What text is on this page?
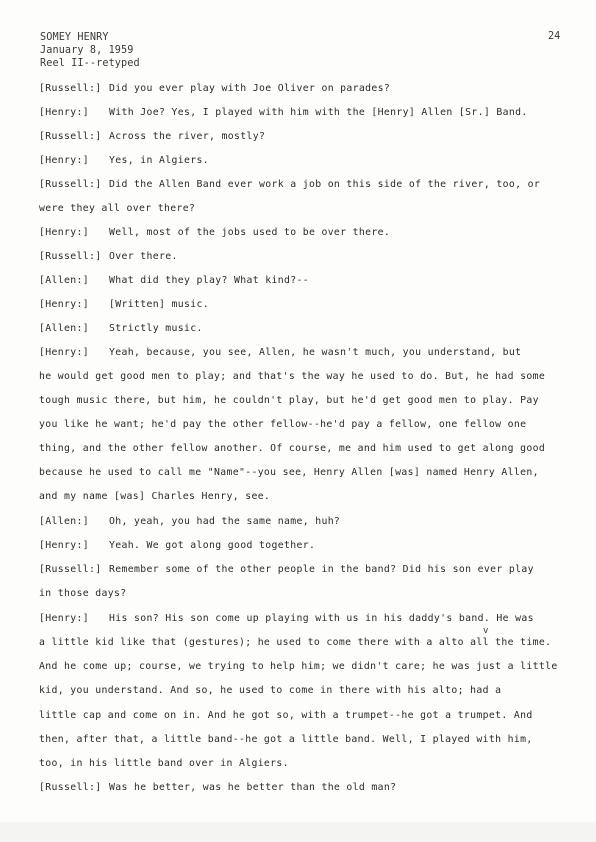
SOMEY HENRY
January 8, 1959
Reel II--retyped
24
[Russell:] Did you ever play with Joe Oliver on parades?
[Henry:] With Joe? Yes, I played with him with the [Henry] Allen [Sr.] Band.
[Russell:] Across the river, mostly?
[Henry:] Yes, in Algiers.
[Russell:] Did the Allen Band ever work a job on this side of the river, too, or
were they all over there?
[Henry:] Well, most of the jobs used to be over there.
[Russell:] Over there.
[Allen:] What did they play? What kind?--
[Henry:] [Written] music.
[Allen:] Strictly music.
[Henry:] Yeah, because, you see, Allen, he wasn't much, you understand, but
he would get good men to play; and that's the way he used to do. But, he had some
tough music there, but him, he couldn't play, but he'd get good men to play. Pay
you like he want; he'd pay the other fellow--he'd pay a fellow, one fellow one
thing, and the other fellow another. Of course, me and him used to get along good
because he used to call me "Name"--you see, Henry Allen [was] named Henry Allen,
and my name [was] Charles Henry, see.
[Allen:] Oh, yeah, you had the same name, huh?
[Henry:] Yeah. We got along good together.
[Russell:] Remember some of the other people in the band? Did his son ever play
in those days?
[Henry:] His son? His son come up playing with us in his daddy's band. He was
a little kid like that (gestures); he used to come there with a alto all the time.
And he come up; course, we trying to help him; we didn't care; he was just a little
kid, you understand. And so, he used to come in there with his alto; had a
little cap and come on in. And he got so, with a trumpet--he got a trumpet. And
then, after that, a little band--he got a little band. Well, I played with him,
too, in his little band over in Algiers.
[Russell:] Was he better, was he better than the old man?
v
